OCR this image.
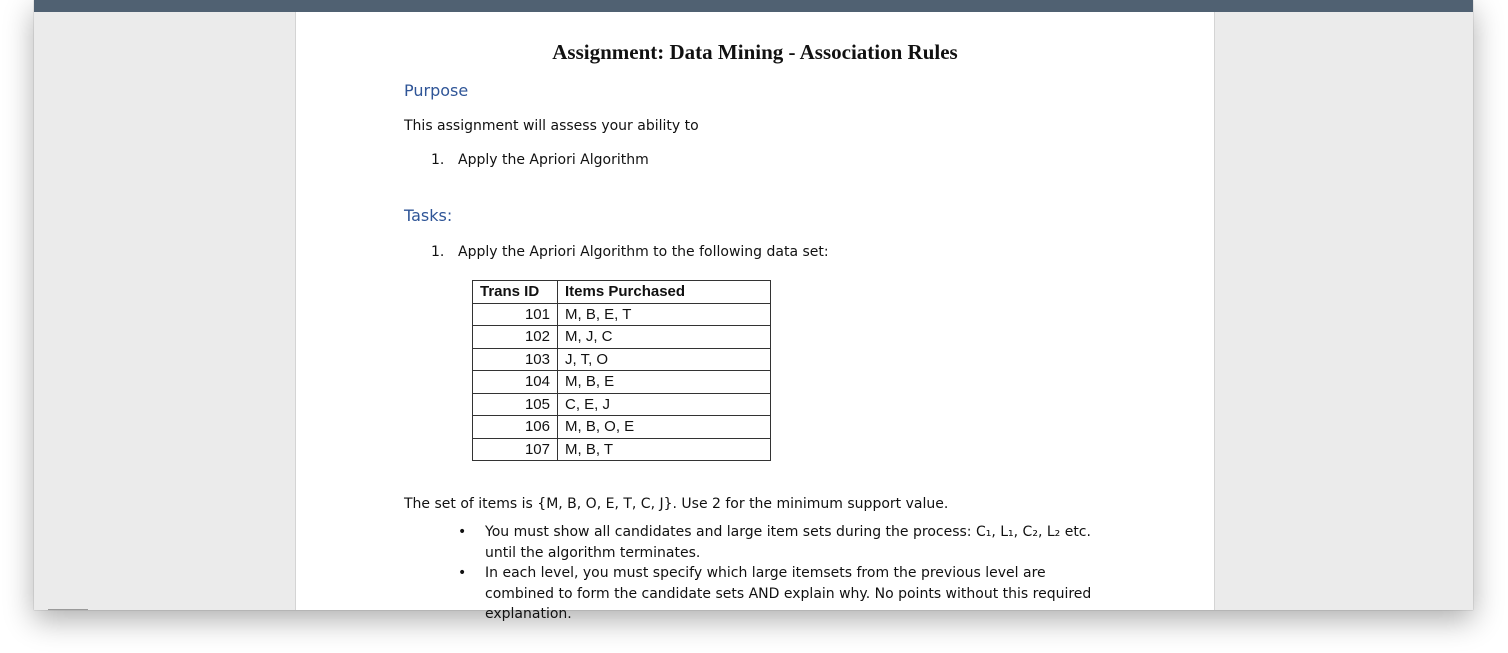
Assignment: Data Mining - Association Rules
Purpose

This assignment will assess your ability to

1. Apply the Apriori Algorithm
Tasks:
1. Apply the Apriori Algorithm to the following data set:
Trans ID	Items Purchased
101	M, B, E, T
102	M, J, C
103	J, T, O
104	M, B, E
105	C, E, J
106	M, B, O, E
107	M, B, T

The set of items is {M, B, O, E, T, C, J}. Use 2 for the minimum support value.

• You must show all candidates and large item sets during the process: C₁, L₁, C₂, L₂ etc. until the algorithm terminates.

• In each level, you must specify which large itemsets from the previous level are combined to form the candidate sets AND explain why. No points without this required explanation.
